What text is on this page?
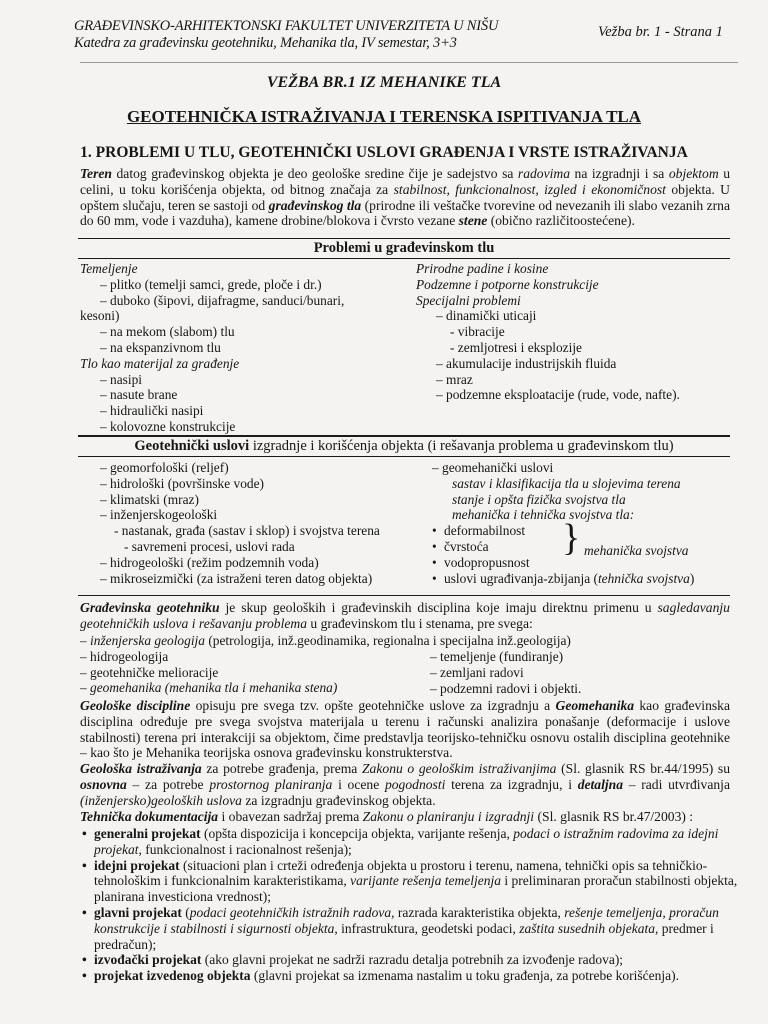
GRAĐEVINSKO-ARHITEKTONSKI FAKULTET UNIVERZITETA U NIŠU
Katedra za građevinsku geotehniku, Mehanika tla, IV semestar, 3+3
Vežba br. 1 - Strana 1
VEŽBA BR.1 IZ MEHANIKE TLA
GEOTEHNIČKA ISTRAŽIVANJA I TERENSKA ISPITIVANJA TLA
1. PROBLEMI U TLU, GEOTEHNIČKI USLOVI GRAĐENJA I VRSTE ISTRAŽIVANJA

Teren datog građevinskog objekta je deo geološke sredine čije je sadejstvo sa radovima na izgradnji i sa objektom u celini, u toku korišćenja objekta, od bitnog značaja za stabilnost, funkcionalnost, izgled i ekonomičnost objekta. U opštem slučaju, teren se sastoji od građevinskog tla (prirodne ili veštačke tvorevine od nevezanih ili slabo vezanih zrna do 60 mm, vode i vazduha), kamene drobine/blokova i čvrsto vezane stene (obično različitoostećene).

Problemi u građevinskom tlu
Temeljenje
– plitko (temelji samci, grede, ploče i dr.)
– duboko (šipovi, dijafragme, sanduci/bunari,
kesoni)
– na mekom (slabom) tlu
– na ekspanzivnom tlu
Tlo kao materijal za građenje
– nasipi
– nasute brane
– hidraulički nasipi
– kolovozne konstrukcije
Prirodne padine i kosine
Podzemne i potporne konstrukcije
Specijalni problemi
– dinamički uticaji
- vibracije
- zemljotresi i eksplozije
– akumulacije industrijskih fluida
– mraz
– podzemne eksploatacije (rude, vode, nafte).
Geotehnički uslovi izgradnje i korišćenja objekta (i rešavanja problema u građevinskom tlu)
– geomorfološki (reljef)
– hidrološki (površinske vode)
– klimatski (mraz)
– inženjerskogeološki
- nastanak, građa (sastav i sklop) i svojstva terena
- savremeni procesi, uslovi rada
– hidrogeološki (režim podzemnih voda)
– mikroseizmički (za istraženi teren datog objekta)
– geomehanički uslovi
sastav i klasifikacija tla u slojevima terena
stanje i opšta fizička svojstva tla
mehanička i tehnička svojstva tla:
• deformabilnost
• čvrstoća
• vodopropusnost
• uslovi ugrađivanja-zbijanja (tehnička svojstva)
} mehanička svojstva

Građevinska geotehniku je skup geoloških i građevinskih disciplina koje imaju direktnu primenu u sagledavanju geotehničkih uslova i rešavanju problema u građevinskom tlu i stenama, pre svega:

– inženjerska geologija (petrologija, inž.geodinamika, regionalna i specijalna inž.geologija)
– hidrogeologija
– geotehničke melioracije
– geomehanika (mehanika tla i mehanika stena)
– temeljenje (fundiranje)
– zemljani radovi
– podzemni radovi i objekti.

Geološke discipline opisuju pre svega tzv. opšte geotehničke uslove za izgradnju a Geomehanika kao građevinska disciplina određuje pre svega svojstva materijala u terenu i računski analizira ponašanje (deformacije i uslove stabilnosti) terena pri interakciji sa objektom, čime predstavlja teorijsko-tehničku osnovu ostalih disciplina geotehnike – kao što je Mehanika teorijska osnova građevinsku konstrukterstva.

Geološka istraživanja za potrebe građenja, prema Zakonu o geološkim istraživanjima (Sl. glasnik RS br.44/1995) su osnovna – za potrebe prostornog planiranja i ocene pogodnosti terena za izgradnju, i detaljna – radi utvrđivanja (inženjersko)geoloških uslova za izgradnju građevinskog objekta.

Tehnička dokumentacija i obavezan sadržaj prema Zakonu o planiranju i izgradnji (Sl. glasnik RS br.47/2003) :

• generalni projekat (opšta dispozicija i koncepcija objekta, varijante rešenja, podaci o istražnim radovima za idejni projekat, funkcionalnost i racionalnost rešenja);
• idejni projekat (situacioni plan i crteži određenja objekta u prostoru i terenu, namena, tehnički opis sa tehničkio-tehnološkim i funkcionalnim karakteristikama, varijante rešenja temeljenja i preliminaran proračun stabilnosti objekta, planirana investiciona vrednost);
• glavni projekat (podaci geotehničkih istražnih radova, razrada karakteristika objekta, rešenje temeljenja, proračun konstrukcije i stabilnosti i sigurnosti objekta, infrastruktura, geodetski podaci, zaštita susednih objekata, predmer i predračun);
• izvođački projekat (ako glavni projekat ne sadrži razradu detalja potrebnih za izvođenje radova);
• projekat izvedenog objekta (glavni projekat sa izmenama nastalim u toku građenja, za potrebe korišćenja).
